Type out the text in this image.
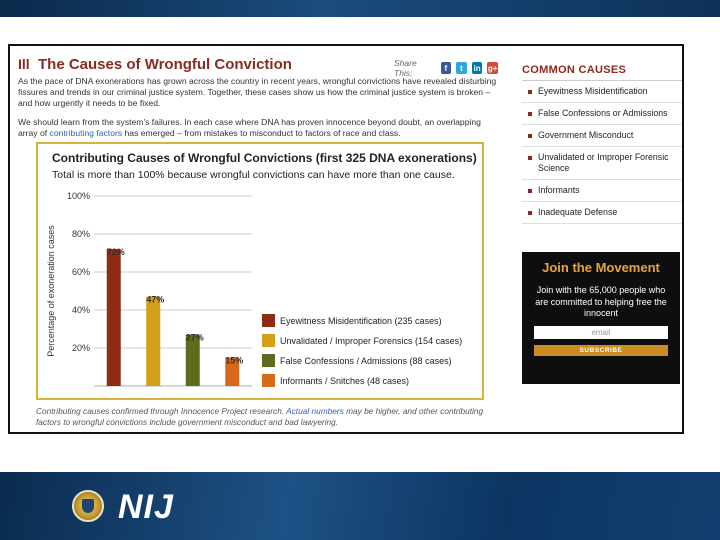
Ill The Causes of Wrongful Conviction	Share This:	f	t	in g+

As the pace of DNA exonerations has grown across the country in recent years, wrongful convictions have revealed disturbing fissures and trends in our criminal justice system. Together, these cases show us how the criminal justice system is broken – and how urgently it needs to be fixed.

We should learn from the system's failures. In each case where DNA has proven innocence beyond doubt, an overlapping array of contributing factors has emerged – from mistakes to misconduct to factors of race and class.

20%
40%
60%
80%
100%
Percentage of exoneration cases	72%
47%
27%
15%
Eyewitness Misidentification (235 cases)
Unvalidated / Improper Forensics (154 cases)
False Confessions / Admissions (88 cases)
Informants / Snitches (48 cases)
Contributing Causes of Wrongful Convictions (first 325 DNA exonerations)
Total is more than 100% because wrongful convictions can have more than one cause.
Contributing causes confirmed through Innocence Project research. Actual numbers may be higher, and other contributing factors to wrongful convictions include government misconduct and bad lawyering.
COMMON CAUSES
Eyewitness Misidentification
False Confessions or Admissions
Government Misconduct
Unvalidated or Improper Forensic Science
Informants
Inadequate Defense
Join the Movement
Join with the 65,000 people who are committed to helping free the innocent
email
SUBSCRIBE
NIJ
